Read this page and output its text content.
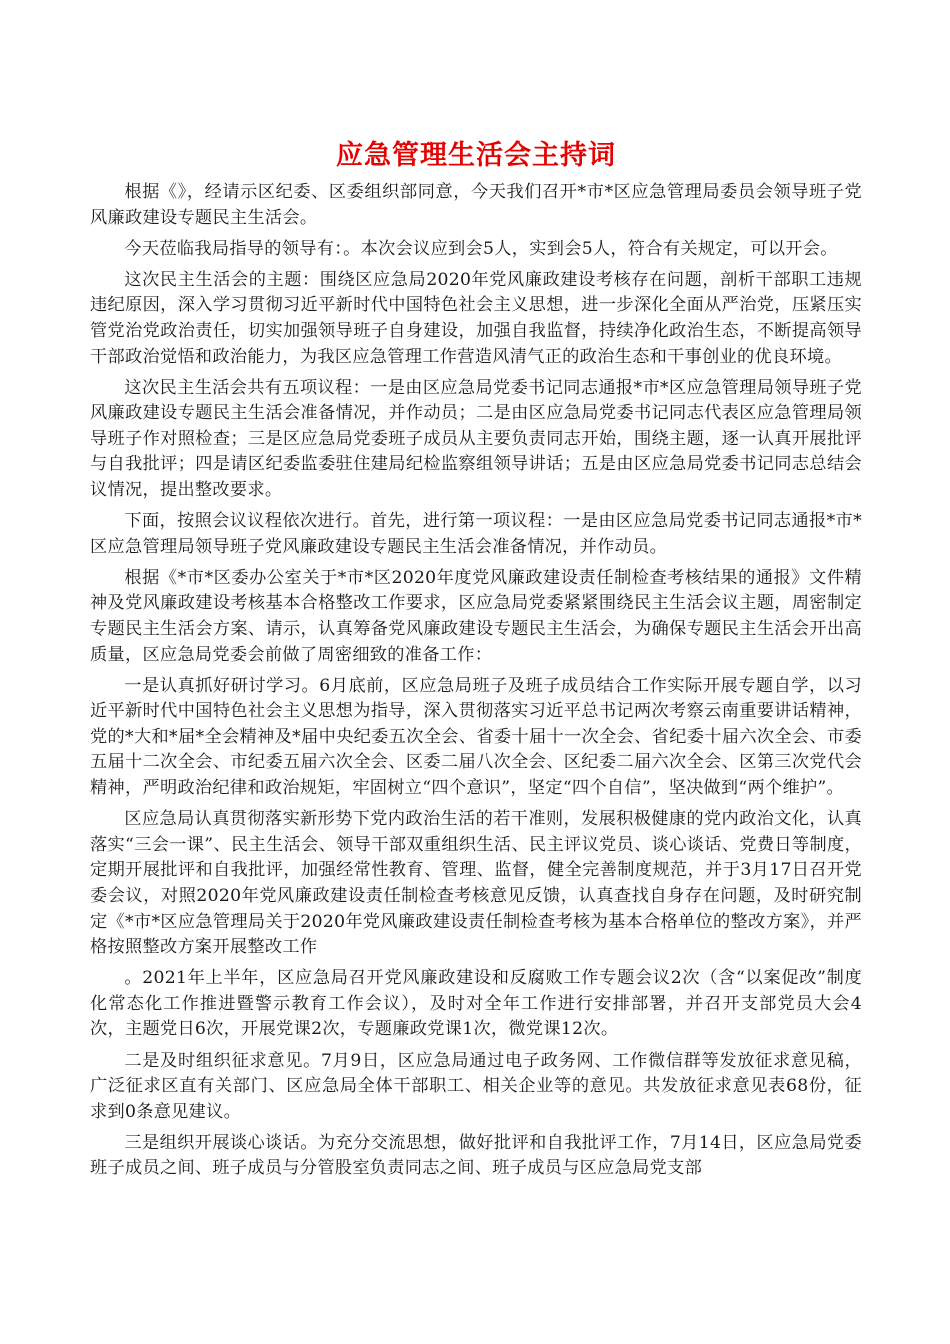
应急管理生活会主持词

根据《》，经请示区纪委、区委组织部同意，今天我们召开*市*区应急管理局委员会领导班子党风廉政建设专题民主生活会。

今天莅临我局指导的领导有：。本次会议应到会5人，实到会5人，符合有关规定，可以开会。

这次民主生活会的主题：围绕区应急局2020年党风廉政建设考核存在问题，剖析干部职工违规违纪原因，深入学习贯彻习近平新时代中国特色社会主义思想，进一步深化全面从严治党，压紧压实管党治党政治责任，切实加强领导班子自身建设，加强自我监督，持续净化政治生态，不断提高领导干部政治觉悟和政治能力，为我区应急管理工作营造风清气正的政治生态和干事创业的优良环境。

这次民主生活会共有五项议程：一是由区应急局党委书记同志通报*市*区应急管理局领导班子党风廉政建设专题民主生活会准备情况，并作动员；二是由区应急局党委书记同志代表区应急管理局领导班子作对照检查；三是区应急局党委班子成员从主要负责同志开始，围绕主题，逐一认真开展批评与自我批评；四是请区纪委监委驻住建局纪检监察组领导讲话；五是由区应急局党委书记同志总结会议情况，提出整改要求。

下面，按照会议议程依次进行。首先，进行第一项议程：一是由区应急局党委书记同志通报*市*区应急管理局领导班子党风廉政建设专题民主生活会准备情况，并作动员。

根据《*市*区委办公室关于*市*区2020年度党风廉政建设责任制检查考核结果的通报》文件精神及党风廉政建设考核基本合格整改工作要求，区应急局党委紧紧围绕民主生活会议主题，周密制定专题民主生活会方案、请示，认真筹备党风廉政建设专题民主生活会，为确保专题民主生活会开出高质量，区应急局党委会前做了周密细致的准备工作：

一是认真抓好研讨学习。6月底前，区应急局班子及班子成员结合工作实际开展专题自学，以习近平新时代中国特色社会主义思想为指导，深入贯彻落实习近平总书记两次考察云南重要讲话精神，党的*大和*届*全会精神及*届中央纪委五次全会、省委十届十一次全会、省纪委十届六次全会、市委五届十二次全会、市纪委五届六次全会、区委二届八次全会、区纪委二届六次全会、区第三次党代会精神，严明政治纪律和政治规矩，牢固树立“四个意识”，坚定“四个自信”，坚决做到“两个维护”。

区应急局认真贯彻落实新形势下党内政治生活的若干准则，发展积极健康的党内政治文化，认真落实“三会一课”、民主生活会、领导干部双重组织生活、民主评议党员、谈心谈话、党费日等制度，定期开展批评和自我批评，加强经常性教育、管理、监督，健全完善制度规范，并于3月17日召开党委会议，对照2020年党风廉政建设责任制检查考核意见反馈，认真查找自身存在问题，及时研究制定《*市*区应急管理局关于2020年党风廉政建设责任制检查考核为基本合格单位的整改方案》，并严格按照整改方案开展整改工作

。2021年上半年，区应急局召开党风廉政建设和反腐败工作专题会议2次（含“以案促改”制度化常态化工作推进暨警示教育工作会议），及时对全年工作进行安排部署，并召开支部党员大会4次，主题党日6次，开展党课2次，专题廉政党课1次，微党课12次。

二是及时组织征求意见。7月9日，区应急局通过电子政务网、工作微信群等发放征求意见稿，广泛征求区直有关部门、区应急局全体干部职工、相关企业等的意见。共发放征求意见表68份，征求到0条意见建议。

三是组织开展谈心谈话。为充分交流思想，做好批评和自我批评工作，7月14日，区应急局党委班子成员之间、班子成员与分管股室负责同志之间、班子成员与区应急局党支部
